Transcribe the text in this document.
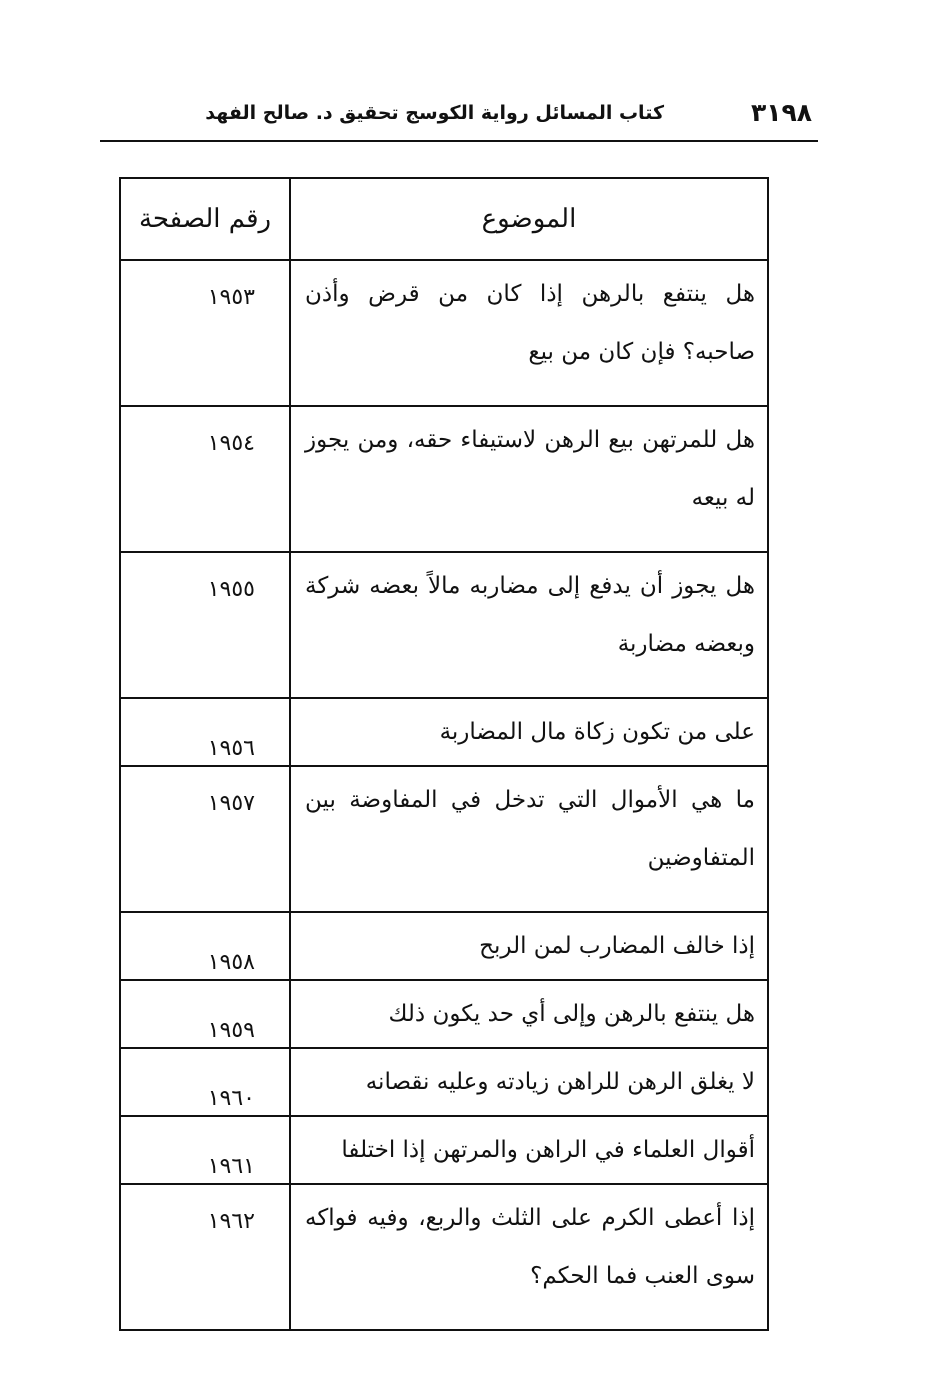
٣١٩٨
كتاب المسائل رواية الكوسج تحقيق د. صالح الفهد
الموضوع	رقم الصفحة
هل ينتفع بالرهن إذا كان من قرض وأذن صاحبه؟ فإن كان من بيع	١٩٥٣
هل للمرتهن بيع الرهن لاستيفاء حقه، ومن يجوز له بيعه	١٩٥٤
هل يجوز أن يدفع إلى مضاربه مالاً بعضه شركة وبعضه مضاربة	١٩٥٥
على من تكون زكاة مال المضاربة	١٩٥٦
ما هي الأموال التي تدخل في المفاوضة بين المتفاوضين	١٩٥٧
إذا خالف المضارب لمن الربح	١٩٥٨
هل ينتفع بالرهن وإلى أي حد يكون ذلك	١٩٥٩
لا يغلق الرهن للراهن زيادته وعليه نقصانه	١٩٦٠
أقوال العلماء في الراهن والمرتهن إذا اختلفا	١٩٦١
إذا أعطى الكرم على الثلث والربع، وفيه فواكه سوى العنب فما الحكم؟	١٩٦٢
